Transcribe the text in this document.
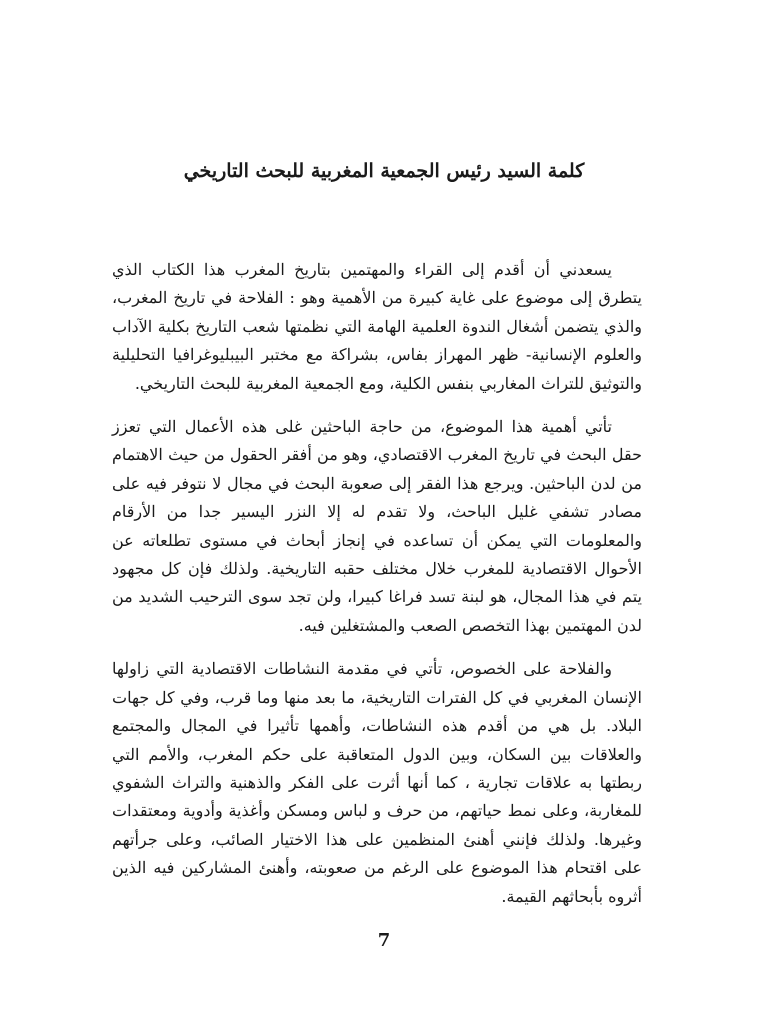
كلمة السيد رئيس الجمعية المغربية للبحث التاريخي

يسعدني أن أقدم إلى القراء والمهتمين بتاريخ المغرب هذا الكتاب الذي يتطرق إلى موضوع على غاية كبيرة من الأهمية وهو : الفلاحة في تاريخ المغرب، والذي يتضمن أشغال الندوة العلمية الهامة التي نظمتها شعب التاريخ بكلية الآداب والعلوم الإنسانية- ظهر المهراز بفاس، بشراكة مع مختبر البيبليوغرافيا التحليلية والتوثيق للتراث المغاربي بنفس الكلية، ومع الجمعية المغربية للبحث التاريخي.

تأتي أهمية هذا الموضوع، من حاجة الباحثين غلى هذه الأعمال التي تعزز حقل البحث في تاريخ المغرب الاقتصادي، وهو من أفقر الحقول من حيث الاهتمام من لدن الباحثين. ويرجع هذا الفقر إلى صعوبة البحث في مجال لا نتوفر فيه على مصادر تشفي غليل الباحث، ولا تقدم له إلا النزر اليسير جدا من الأرقام والمعلومات التي يمكن أن تساعده في إنجاز أبحاث في مستوى تطلعاته عن الأحوال الاقتصادية للمغرب خلال مختلف حقبه التاريخية. ولذلك فإن كل مجهود يتم في هذا المجال، هو لبنة تسد فراغا كبيرا، ولن تجد سوى الترحيب الشديد من لدن المهتمين بهذا التخصص الصعب والمشتغلين فيه.

والفلاحة على الخصوص، تأتي في مقدمة النشاطات الاقتصادية التي زاولها الإنسان المغربي في كل الفترات التاريخية، ما بعد منها وما قرب، وفي كل جهات البلاد. بل هي من أقدم هذه النشاطات، وأهمها تأثيرا في المجال والمجتمع والعلاقات بين السكان، وبين الدول المتعاقبة على حكم المغرب، والأمم التي ربطتها به علاقات تجارية ، كما أنها أثرت على الفكر والذهنية والتراث الشفوي للمغاربة، وعلى نمط حياتهم، من حرف و لباس ومسكن وأغذية وأدوية ومعتقدات وغيرها. ولذلك فإنني أهنئ المنظمين على هذا الاختيار الصائب، وعلى جرأتهم على اقتحام هذا الموضوع على الرغم من صعوبته، وأهنئ المشاركين فيه الذين أثروه بأبحاثهم القيمة.

7
